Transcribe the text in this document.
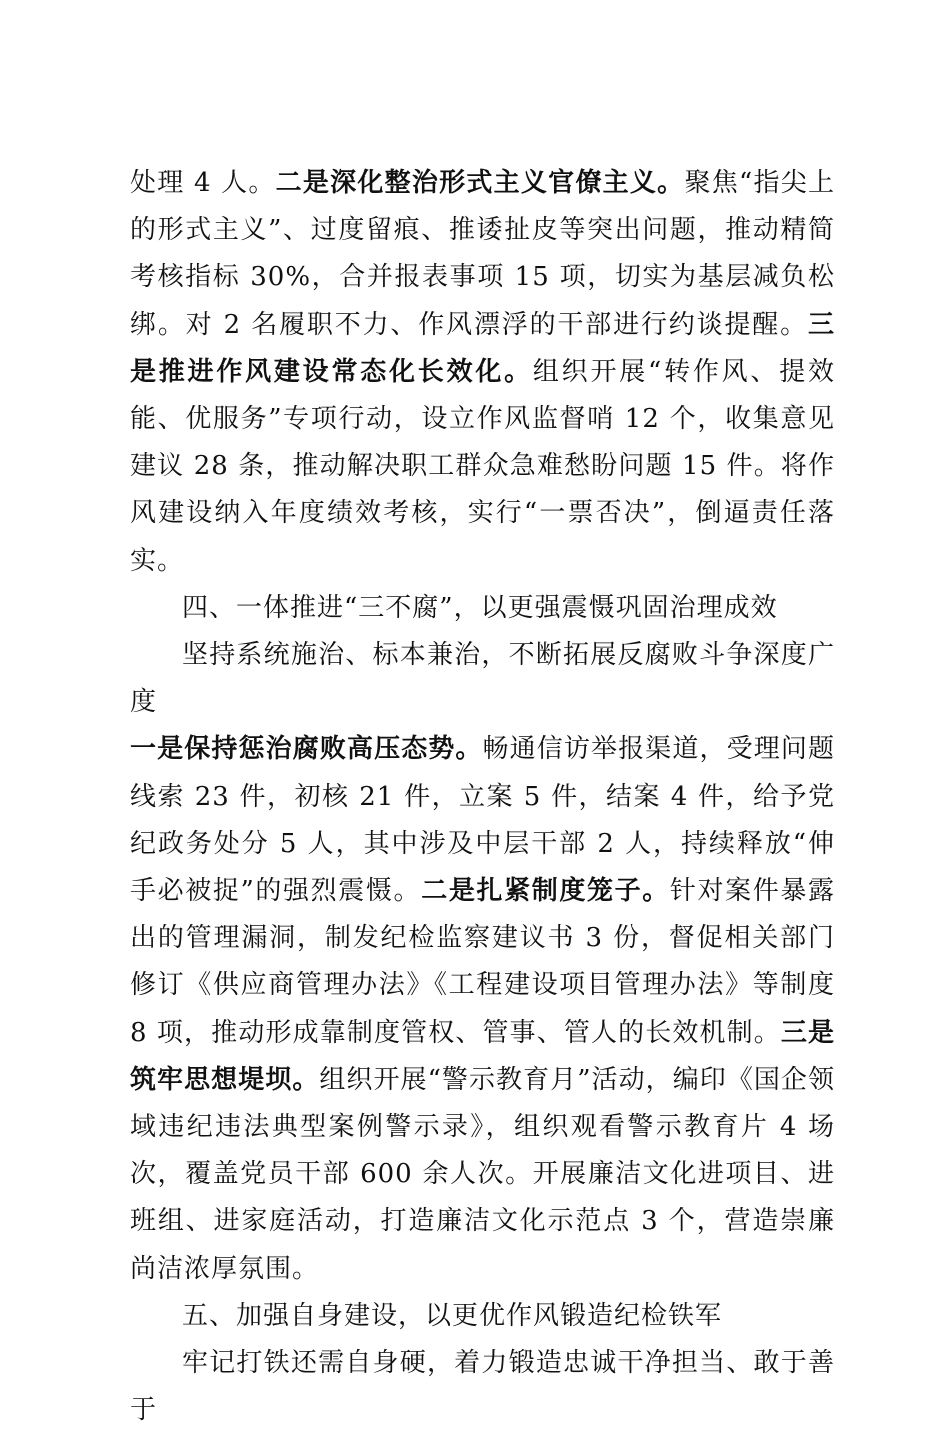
处理 4 人。二是深化整治形式主义官僚主义。聚焦“指尖上的形式主义”、过度留痕、推诿扯皮等突出问题，推动精简考核指标 30%，合并报表事项 15 项，切实为基层减负松绑。对 2 名履职不力、作风漂浮的干部进行约谈提醒。三是推进作风建设常态化长效化。组织开展“转作风、提效能、优服务”专项行动，设立作风监督哨 12 个，收集意见建议 28 条，推动解决职工群众急难愁盼问题 15 件。将作风建设纳入年度绩效考核，实行“一票否决”，倒逼责任落实。

四、一体推进“三不腐”，以更强震慑巩固治理成效

坚持系统施治、标本兼治，不断拓展反腐败斗争深度广度

一是保持惩治腐败高压态势。畅通信访举报渠道，受理问题线索 23 件，初核 21 件，立案 5 件，结案 4 件，给予党纪政务处分 5 人，其中涉及中层干部 2 人，持续释放“伸手必被捉”的强烈震慑。二是扎紧制度笼子。针对案件暴露出的管理漏洞，制发纪检监察建议书 3 份，督促相关部门修订《供应商管理办法》《工程建设项目管理办法》等制度 8 项，推动形成靠制度管权、管事、管人的长效机制。三是筑牢思想堤坝。组织开展“警示教育月”活动，编印《国企领域违纪违法典型案例警示录》，组织观看警示教育片 4 场次，覆盖党员干部 600 余人次。开展廉洁文化进项目、进班组、进家庭活动，打造廉洁文化示范点 3 个，营造崇廉尚洁浓厚氛围。

五、加强自身建设，以更优作风锻造纪检铁军

牢记打铁还需自身硬，着力锻造忠诚干净担当、敢于善于
